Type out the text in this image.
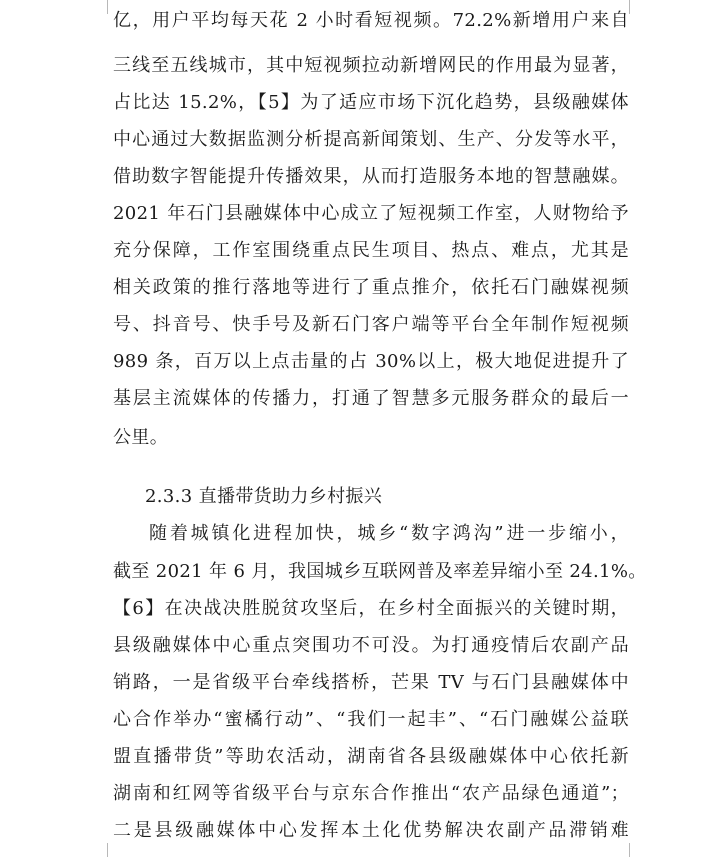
亿，用户平均每天花 2 小时看短视频。72.2%新增用户来自
三线至五线城市，其中短视频拉动新增网民的作用最为显著，
占比达 15.2%，【5】为了适应市场下沉化趋势，县级融媒体
中心通过大数据监测分析提高新闻策划、生产、分发等水平，
借助数字智能提升传播效果，从而打造服务本地的智慧融媒。
2021 年石门县融媒体中心成立了短视频工作室，人财物给予
充分保障，工作室围绕重点民生项目、热点、难点，尤其是
相关政策的推行落地等进行了重点推介，依托石门融媒视频
号、抖音号、快手号及新石门客户端等平台全年制作短视频
989 条，百万以上点击量的占 30%以上，极大地促进提升了
基层主流媒体的传播力，打通了智慧多元服务群众的最后一
公里。
2.3.3 直播带货助力乡村振兴
随着城镇化进程加快，城乡“数字鸿沟”进一步缩小，
截至 2021 年 6 月，我国城乡互联网普及率差异缩小至 24.1%。
【6】在决战决胜脱贫攻坚后，在乡村全面振兴的关键时期，
县级融媒体中心重点突围功不可没。为打通疫情后农副产品
销路，一是省级平台牵线搭桥，芒果 TV 与石门县融媒体中
心合作举办“蜜橘行动”、“我们一起丰”、“石门融媒公益联
盟直播带货”等助农活动，湖南省各县级融媒体中心依托新
湖南和红网等省级平台与京东合作推出“农产品绿色通道”；
二是县级融媒体中心发挥本土化优势解决农副产品滞销难
